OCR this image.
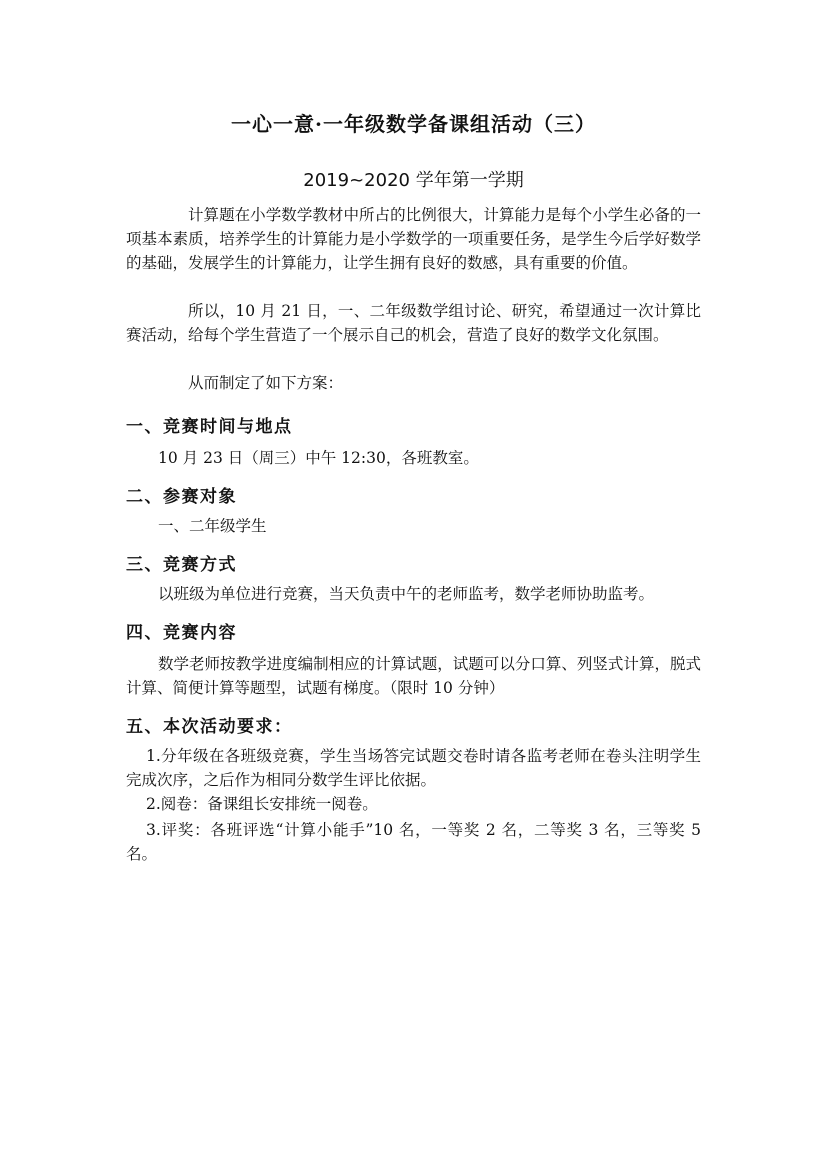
一心一意·一年级数学备课组活动（三）
2019~2020 学年第一学期

计算题在小学数学教材中所占的比例很大，计算能力是每个小学生必备的一项基本素质，培养学生的计算能力是小学数学的一项重要任务，是学生今后学好数学的基础，发展学生的计算能力，让学生拥有良好的数感，具有重要的价值。

所以，10 月 21 日，一、二年级数学组讨论、研究，希望通过一次计算比赛活动，给每个学生营造了一个展示自己的机会，营造了良好的数学文化氛围。

从而制定了如下方案：

一、竞赛时间与地点
10 月 23 日（周三）中午 12:30，各班教室。
二、参赛对象
一、二年级学生
三、竞赛方式
以班级为单位进行竞赛，当天负责中午的老师监考，数学老师协助监考。
四、竞赛内容

数学老师按教学进度编制相应的计算试题，试题可以分口算、列竖式计算，脱式计算、简便计算等题型，试题有梯度。（限时 10 分钟）

五、本次活动要求：

1.分年级在各班级竞赛，学生当场答完试题交卷时请各监考老师在卷头注明学生完成次序，之后作为相同分数学生评比依据。

2.阅卷：备课组长安排统一阅卷。

3.评奖：各班评选“计算小能手”10 名，一等奖 2 名，二等奖 3 名，三等奖 5 名。
